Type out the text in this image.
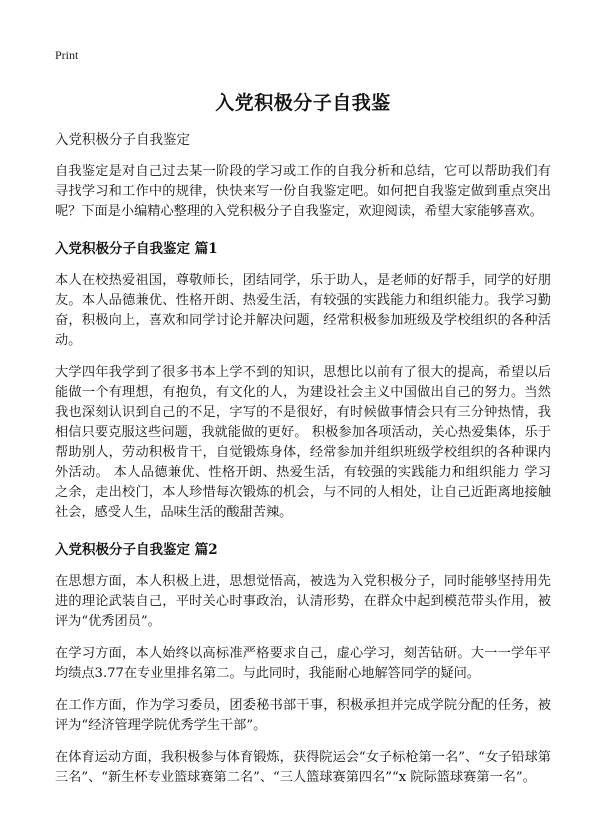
Print
入党积极分子自我鉴

入党积极分子自我鉴定

自我鉴定是对自己过去某一阶段的学习或工作的自我分析和总结，它可以帮助我们有寻找学习和工作中的规律，快快来写一份自我鉴定吧。如何把自我鉴定做到重点突出呢？下面是小编精心整理的入党积极分子自我鉴定，欢迎阅读，希望大家能够喜欢。

入党积极分子自我鉴定 篇1

本人在校热爱祖国，尊敬师长，团结同学，乐于助人，是老师的好帮手，同学的好朋友。本人品德兼优、性格开朗、热爱生活，有较强的实践能力和组织能力。我学习勤奋，积极向上，喜欢和同学讨论并解决问题，经常积极参加班级及学校组织的各种活动。

大学四年我学到了很多书本上学不到的知识，思想比以前有了很大的提高，希望以后能做一个有理想，有抱负，有文化的人，为建设社会主义中国做出自己的努力。当然我也深刻认识到自己的不足，字写的不是很好，有时候做事情会只有三分钟热情，我相信只要克服这些问题，我就能做的更好。 积极参加各项活动，关心热爱集体，乐于帮助别人，劳动积极肯干，自觉锻炼身体，经常参加并组织班级学校组织的各种课内外活动。 本人品德兼优、性格开朗、热爱生活，有较强的实践能力和组织能力 学习之余，走出校门，本人珍惜每次锻炼的机会，与不同的人相处，让自己近距离地接触社会，感受人生，品味生活的酸甜苦辣。

入党积极分子自我鉴定 篇2

在思想方面，本人积极上进，思想觉悟高，被选为入党积极分子，同时能够坚持用先进的理论武装自己，平时关心时事政治，认清形势，在群众中起到模范带头作用，被评为“优秀团员”。

在学习方面，本人始终以高标准严格要求自己，虚心学习，刻苦钻研。大一一学年平均绩点3.77在专业里排名第二。与此同时，我能耐心地解答同学的疑问。

在工作方面，作为学习委员，团委秘书部干事，积极承担并完成学院分配的任务，被评为“经济管理学院优秀学生干部”。

在体育运动方面，我积极参与体育锻炼，获得院运会“女子标枪第一名”、“女子铅球第三名”、“新生杯专业篮球赛第二名”、“三人篮球赛第四名”“x 院际篮球赛第一名”。
